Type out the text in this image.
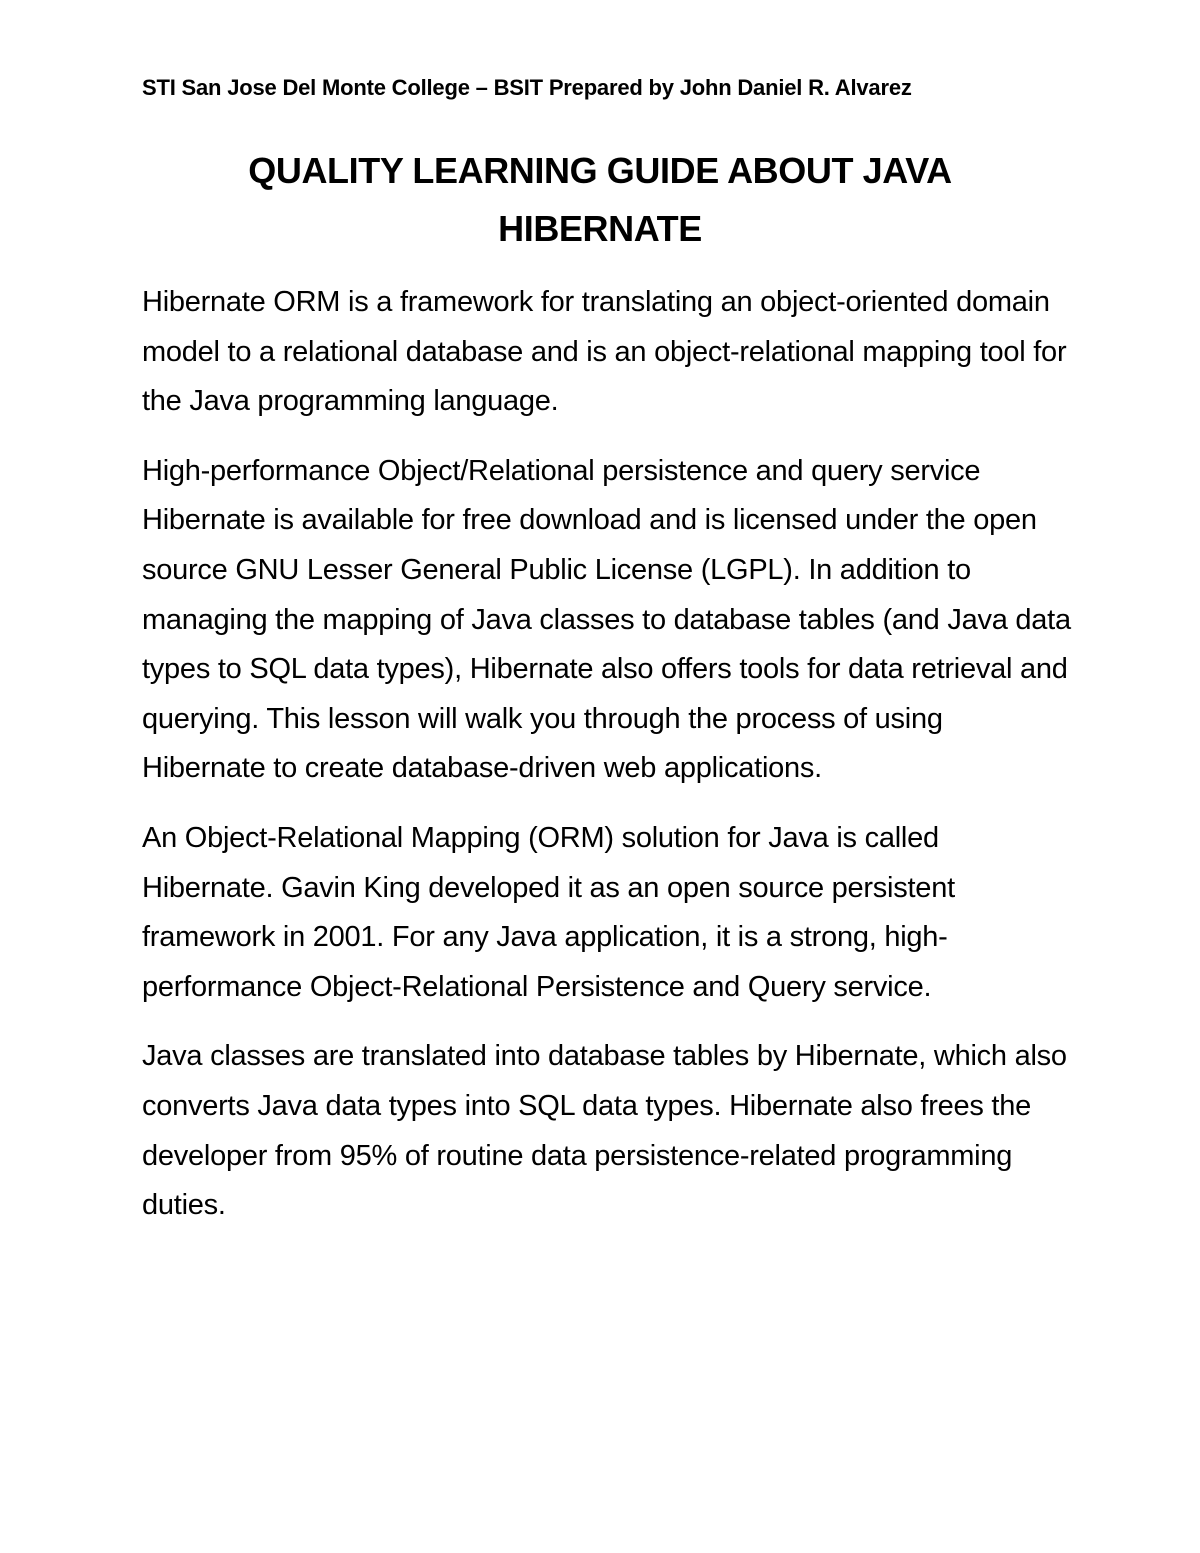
STI San Jose Del Monte College – BSIT Prepared by John Daniel R. Alvarez
QUALITY LEARNING GUIDE ABOUT JAVA
HIBERNATE

Hibernate ORM is a framework for translating an object-oriented domain model to a relational database and is an object-relational mapping tool for the Java programming language.

High-performance Object/Relational persistence and query service Hibernate is available for free download and is licensed under the open source GNU Lesser General Public License (LGPL). In addition to managing the mapping of Java classes to database tables (and Java data types to SQL data types), Hibernate also offers tools for data retrieval and querying. This lesson will walk you through the process of using Hibernate to create database-driven web applications.

An Object-Relational Mapping (ORM) solution for Java is called Hibernate. Gavin King developed it as an open source persistent framework in 2001. For any Java application, it is a strong, high-performance Object-Relational Persistence and Query service.

Java classes are translated into database tables by Hibernate, which also converts Java data types into SQL data types. Hibernate also frees the developer from 95% of routine data persistence-related programming duties.
